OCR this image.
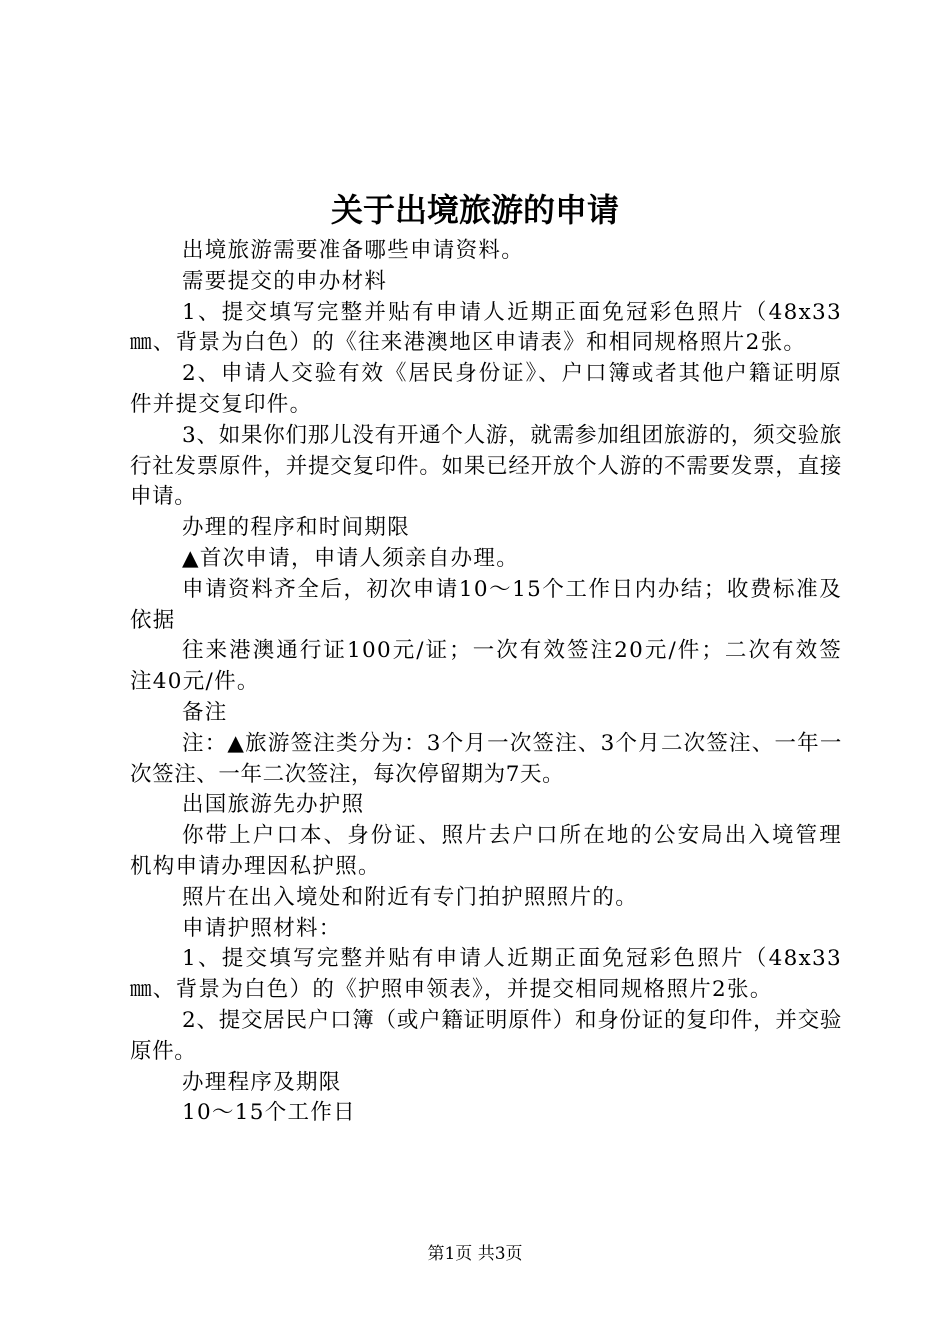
关于出境旅游的申请

出境旅游需要准备哪些申请资料。

需要提交的申办材料

1、提交填写完整并贴有申请人近期正面免冠彩色照片（48x33㎜、背景为白色）的《往来港澳地区申请表》和相同规格照片2张。

2、申请人交验有效《居民身份证》、户口簿或者其他户籍证明原件并提交复印件。

3、如果你们那儿没有开通个人游，就需参加组团旅游的，须交验旅行社发票原件，并提交复印件。如果已经开放个人游的不需要发票，直接申请。

办理的程序和时间期限

▲首次申请，申请人须亲自办理。

申请资料齐全后，初次申请10～15个工作日内办结；收费标准及依据

往来港澳通行证100元/证；一次有效签注20元/件；二次有效签注40元/件。

备注

注：▲旅游签注类分为：3个月一次签注、3个月二次签注、一年一次签注、一年二次签注，每次停留期为7天。

出国旅游先办护照

你带上户口本、身份证、照片去户口所在地的公安局出入境管理机构申请办理因私护照。

照片在出入境处和附近有专门拍护照照片的。

申请护照材料：

1、提交填写完整并贴有申请人近期正面免冠彩色照片（48x33㎜、背景为白色）的《护照申领表》，并提交相同规格照片2张。

2、提交居民户口簿（或户籍证明原件）和身份证的复印件，并交验原件。

办理程序及期限

10～15个工作日

第1页 共3页
